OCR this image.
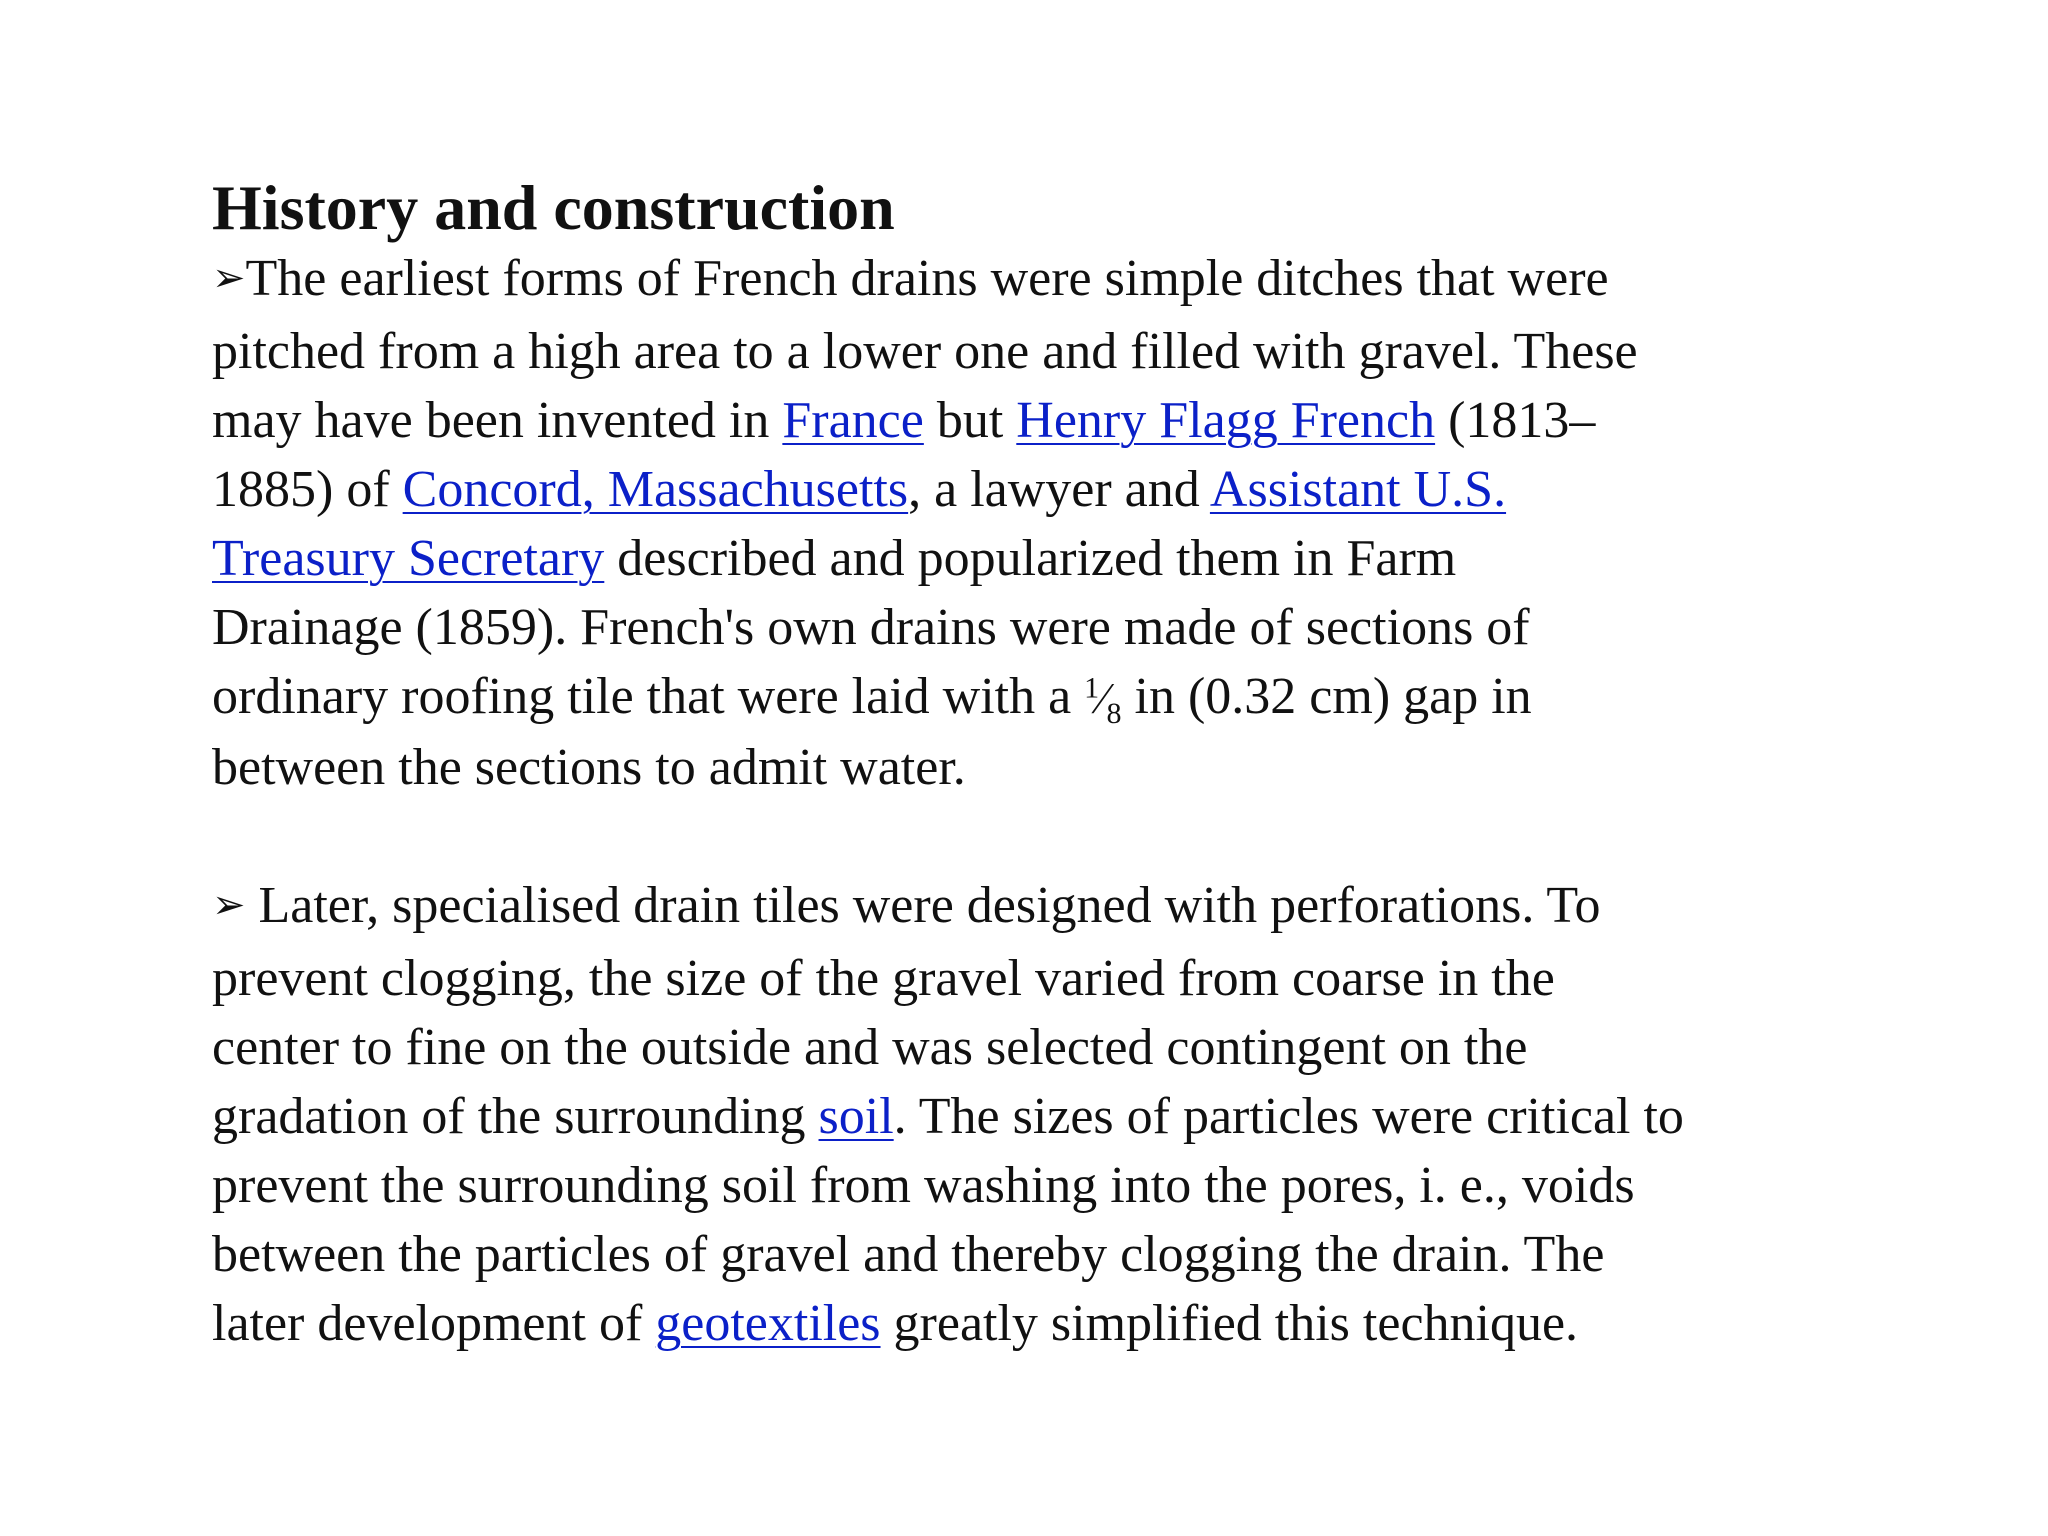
History and construction
➢The earliest forms of French drains were simple ditches that were
pitched from a high area to a lower one and filled with gravel. These
may have been invented in France but Henry Flagg French (1813–
1885) of Concord, Massachusetts, a lawyer and Assistant U.S.
Treasury Secretary described and popularized them in Farm
Drainage (1859). French's own drains were made of sections of
ordinary roofing tile that were laid with a $^1⁄_8$ in (0.32 cm) gap in
between the sections to admit water.
➢ Later, specialised drain tiles were designed with perforations. To
prevent clogging, the size of the gravel varied from coarse in the
center to fine on the outside and was selected contingent on the
gradation of the surrounding soil. The sizes of particles were critical to
prevent the surrounding soil from washing into the pores, i. e., voids
between the particles of gravel and thereby clogging the drain. The
later development of geotextiles greatly simplified this technique.
